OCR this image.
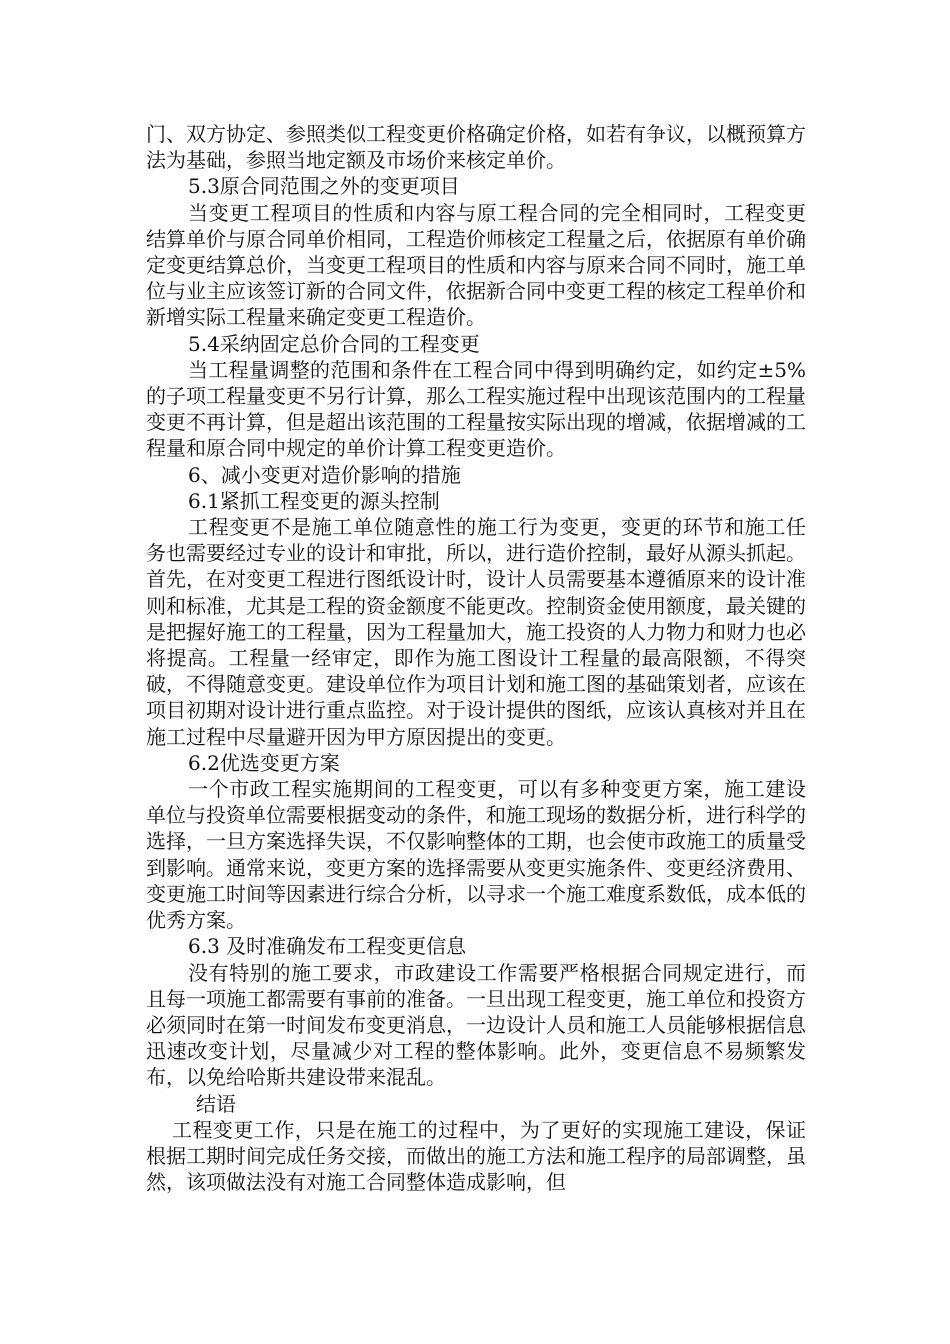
门、双方协定、参照类似工程变更价格确定价格，如若有争议，以概预算方法为基础，参照当地定额及市场价来核定单价。

5.3原合同范围之外的变更项目

当变更工程项目的性质和内容与原工程合同的完全相同时，工程变更结算单价与原合同单价相同，工程造价师核定工程量之后，依据原有单价确定变更结算总价，当变更工程项目的性质和内容与原来合同不同时，施工单位与业主应该签订新的合同文件，依据新合同中变更工程的核定工程单价和新增实际工程量来确定变更工程造价。

5.4采纳固定总价合同的工程变更

当工程量调整的范围和条件在工程合同中得到明确约定，如约定±5%的子项工程量变更不另行计算，那么工程实施过程中出现该范围内的工程量变更不再计算，但是超出该范围的工程量按实际出现的增减，依据增减的工程量和原合同中规定的单价计算工程变更造价。

6、减小变更对造价影响的措施

6.1紧抓工程变更的源头控制

工程变更不是施工单位随意性的施工行为变更，变更的环节和施工任务也需要经过专业的设计和审批，所以，进行造价控制，最好从源头抓起。首先，在对变更工程进行图纸设计时，设计人员需要基本遵循原来的设计准则和标准，尤其是工程的资金额度不能更改。控制资金使用额度，最关键的是把握好施工的工程量，因为工程量加大，施工投资的人力物力和财力也必将提高。工程量一经审定，即作为施工图设计工程量的最高限额，不得突破，不得随意变更。建设单位作为项目计划和施工图的基础策划者，应该在项目初期对设计进行重点监控。对于设计提供的图纸，应该认真核对并且在施工过程中尽量避开因为甲方原因提出的变更。

6.2优选变更方案

一个市政工程实施期间的工程变更，可以有多种变更方案，施工建设单位与投资单位需要根据变动的条件，和施工现场的数据分析，进行科学的选择，一旦方案选择失误，不仅影响整体的工期，也会使市政施工的质量受到影响。通常来说，变更方案的选择需要从变更实施条件、变更经济费用、变更施工时间等因素进行综合分析，以寻求一个施工难度系数低，成本低的优秀方案。

6.3 及时准确发布工程变更信息

没有特别的施工要求，市政建设工作需要严格根据合同规定进行，而且每一项施工都需要有事前的准备。一旦出现工程变更，施工单位和投资方必须同时在第一时间发布变更消息，一边设计人员和施工人员能够根据信息迅速改变计划，尽量减少对工程的整体影响。此外，变更信息不易频繁发布，以免给哈斯共建设带来混乱。

结语

工程变更工作，只是在施工的过程中，为了更好的实现施工建设，保证根据工期时间完成任务交接，而做出的施工方法和施工程序的局部调整，虽然，该项做法没有对施工合同整体造成影响，但
